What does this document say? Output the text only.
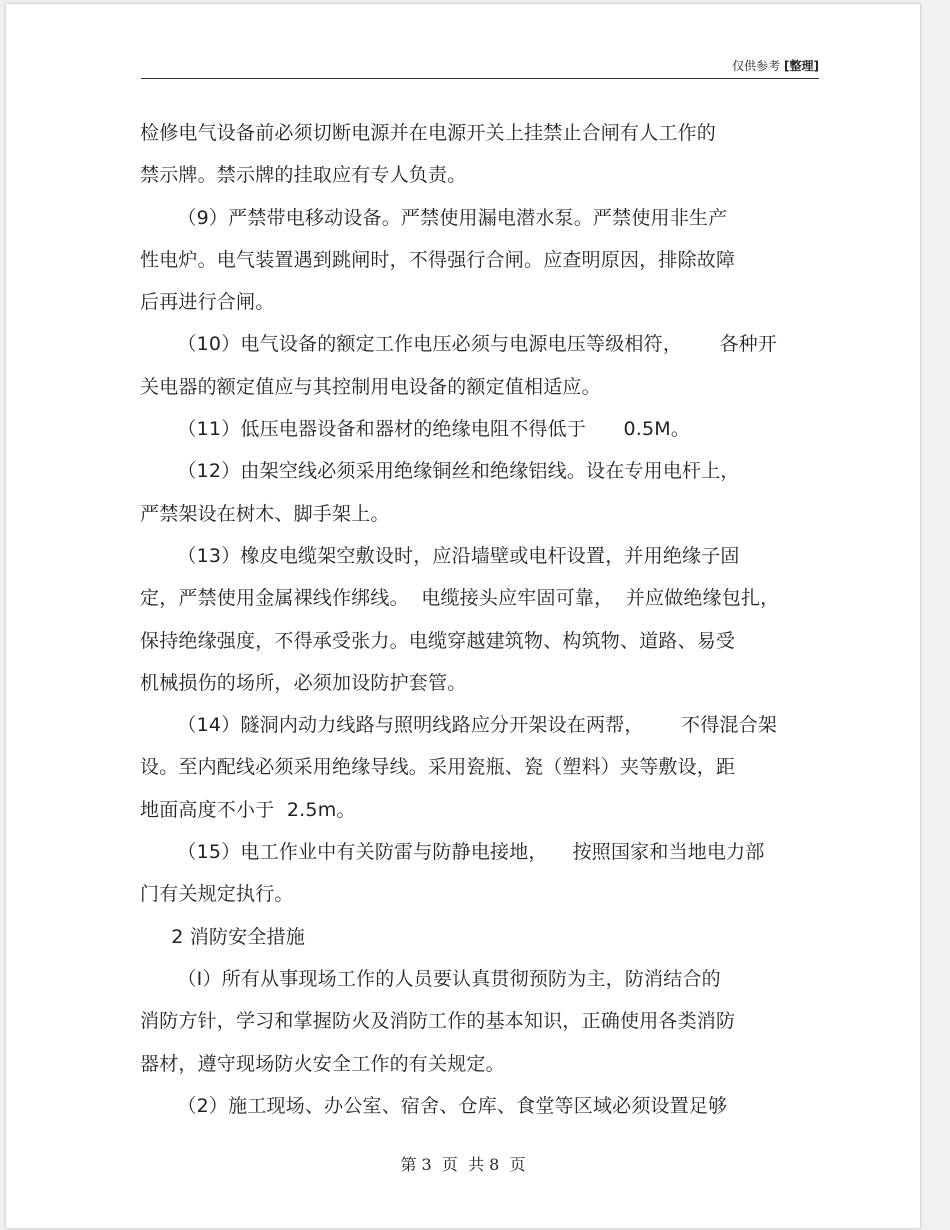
仅供参考 [整理]
检修电气设备前必须切断电源并在电源开关上挂禁止合闸有人工作的
禁示牌。禁示牌的挂取应有专人负责。
（9）严禁带电移动设备。严禁使用漏电潜水泵。严禁使用非生产
性电炉。电气装置遇到跳闸时，不得强行合闸。应查明原因，排除故障
后再进行合闸。
（10）电气设备的额定工作电压必须与电源电压等级相符，      各种开
关电器的额定值应与其控制用电设备的额定值相适应。
（11）低压电器设备和器材的绝缘电阻不得低于      0.5M。
（12）由架空线必须采用绝缘铜丝和绝缘铝线。设在专用电杆上，
严禁架设在树木、脚手架上。
（13）橡皮电缆架空敷设时，应沿墙壁或电杆设置，并用绝缘子固
定，严禁使用金属裸线作绑线。  电缆接头应牢固可靠，  并应做绝缘包扎，
保持绝缘强度，不得承受张力。电缆穿越建筑物、构筑物、道路、易受
机械损伤的场所，必须加设防护套管。
（14）隧洞内动力线路与照明线路应分开架设在两帮，      不得混合架
设。至内配线必须采用绝缘导线。采用瓷瓶、瓷（塑料）夹等敷设，距
地面高度不小于  2.5m。
（15）电工作业中有关防雷与防静电接地，    按照国家和当地电力部
门有关规定执行。
2 消防安全措施
（Ⅰ）所有从事现场工作的人员要认真贯彻预防为主，防消结合的
消防方针，学习和掌握防火及消防工作的基本知识，正确使用各类消防
器材，遵守现场防火安全工作的有关规定。
（2）施工现场、办公室、宿舍、仓库、食堂等区域必须设置足够
第 3  页  共 8  页
